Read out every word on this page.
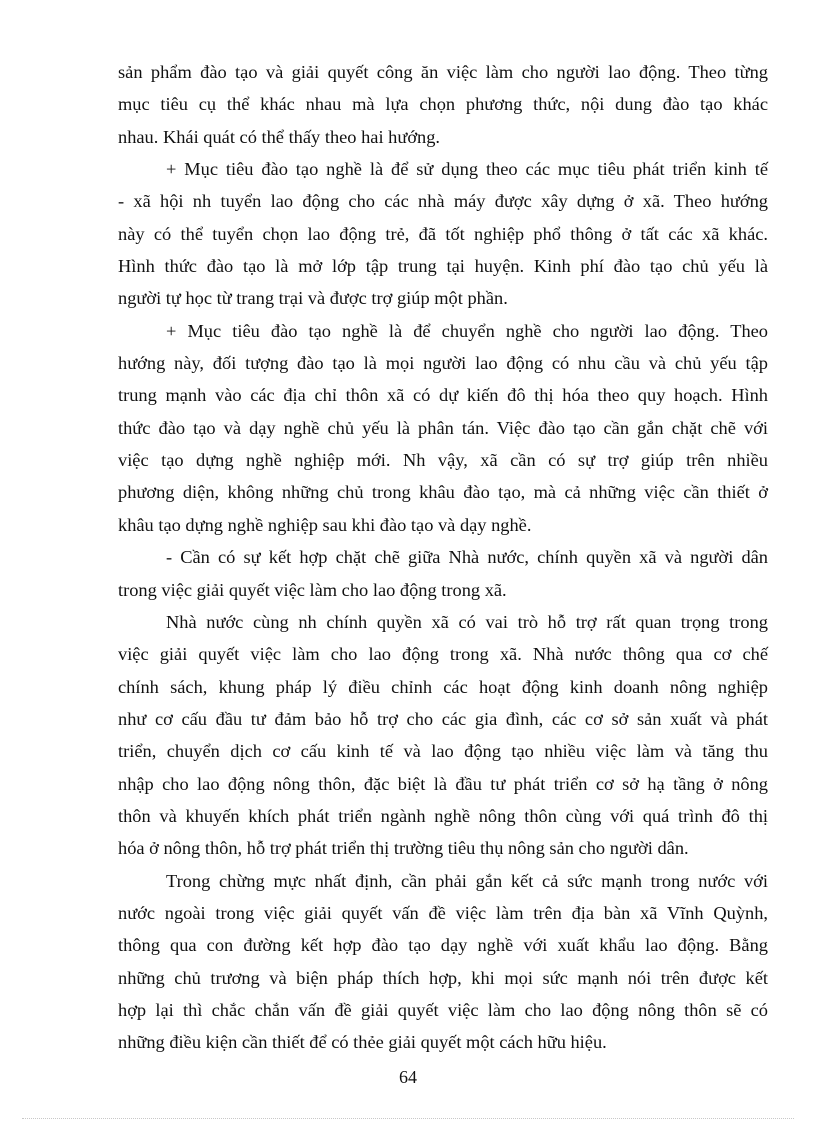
sản phẩm đào tạo và giải quyết công ăn việc làm cho người lao động. Theo từng
mục tiêu cụ thể khác nhau mà lựa chọn phương thức, nội dung đào tạo khác
nhau. Khái quát có thể thấy theo hai hướng.
+ Mục tiêu đào tạo nghề là để sử dụng theo các mục tiêu phát triển kinh tế
- xã hội nh tuyển lao động cho các nhà máy được xây dựng ở xã. Theo hướng
này có thể tuyển chọn lao động trẻ, đã tốt nghiệp phổ thông ở tất các xã khác.
Hình thức đào tạo là mở lớp tập trung tại huyện. Kinh phí đào tạo chủ yếu là
người tự học từ trang trại và được trợ giúp một phần.
+ Mục tiêu đào tạo nghề là để chuyển nghề cho người lao động. Theo
hướng này, đối tượng đào tạo là mọi người lao động có nhu cầu và chủ yếu tập
trung mạnh vào các địa chỉ thôn xã có dự kiến đô thị hóa theo quy hoạch. Hình
thức đào tạo và dạy nghề chủ yếu là phân tán. Việc đào tạo cần gắn chặt chẽ với
việc tạo dựng nghề nghiệp mới. Nh vậy, xã cần có sự trợ giúp trên nhiều
phương diện, không những chủ trong khâu đào tạo, mà cả những việc cần thiết ở
khâu tạo dựng nghề nghiệp sau khi đào tạo và dạy nghề.
- Cần có sự kết hợp chặt chẽ giữa Nhà nước, chính quyền xã và người dân
trong việc giải quyết việc làm cho lao động trong xã.
Nhà nước cùng nh chính quyền xã có vai trò hỗ trợ rất quan trọng trong
việc giải quyết việc làm cho lao động trong xã. Nhà nước thông qua cơ chế
chính sách, khung pháp lý điều chỉnh các hoạt động kinh doanh nông nghiệp
như cơ cấu đầu tư đảm bảo hỗ trợ cho các gia đình, các cơ sở sản xuất và phát
triển, chuyển dịch cơ cấu kinh tế và lao động tạo nhiều việc làm và tăng thu
nhập cho lao động nông thôn, đặc biệt là đầu tư phát triển cơ sở hạ tầng ở nông
thôn và khuyến khích phát triển ngành nghề nông thôn cùng với quá trình đô thị
hóa ở nông thôn, hỗ trợ phát triển thị trường tiêu thụ nông sản cho người dân.
Trong chừng mực nhất định, cần phải gắn kết cả sức mạnh trong nước với
nước ngoài trong việc giải quyết vấn đề việc làm trên địa bàn xã Vĩnh Quỳnh,
thông qua con đường kết hợp đào tạo dạy nghề với xuất khẩu lao động. Bằng
những chủ trương và biện pháp thích hợp, khi mọi sức mạnh nói trên được kết
hợp lại thì chắc chắn vấn đề giải quyết việc làm cho lao động nông thôn sẽ có
những điều kiện cần thiết để có thẻe giải quyết một cách hữu hiệu.
64
